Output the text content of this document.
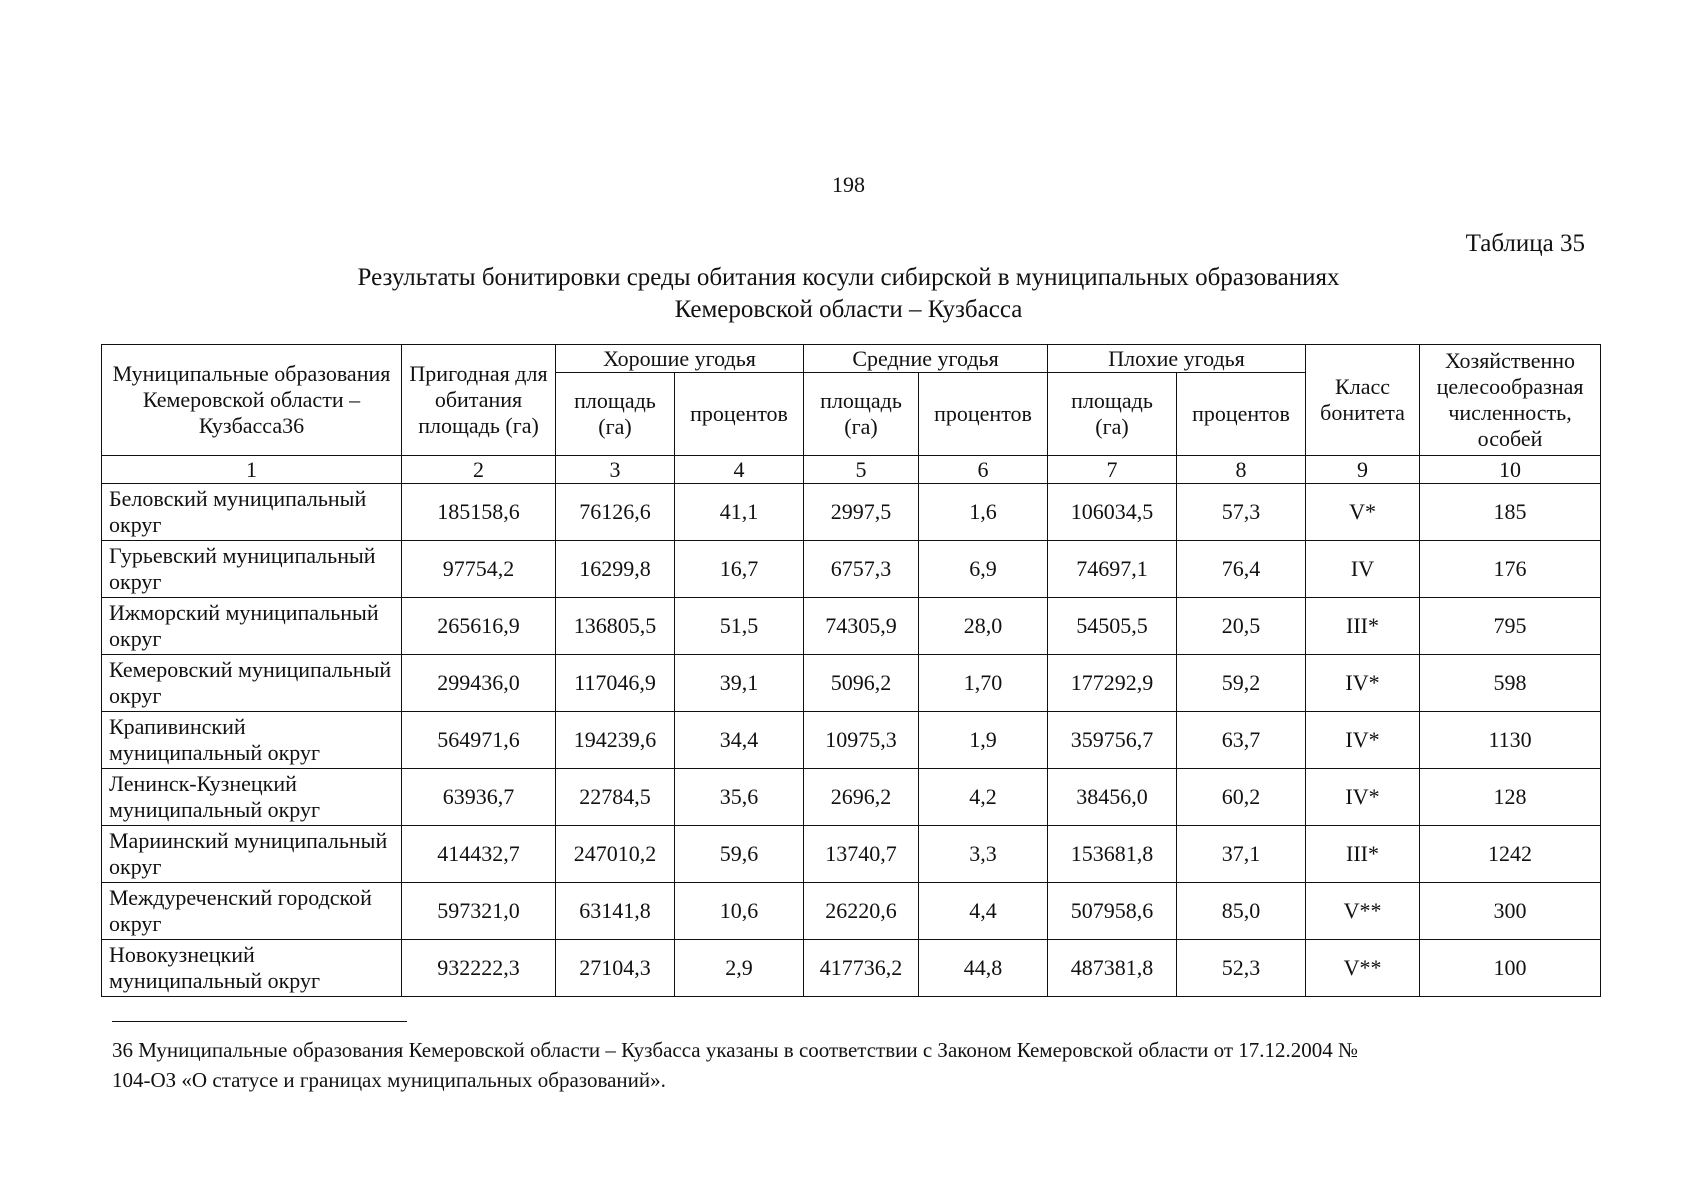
198
Таблица 35
Результаты бонитировки среды обитания косули сибирской в муниципальных образованиях
Кемеровской области – Кузбасса
Муниципальные образования Кемеровской области – Кузбасса36	Пригодная для обитания площадь (га)	Хорошие угодья		Средние угодья		Плохие угодья		Класс бонитета	Хозяйственно целесообразная численность, особей
		площадь (га)	процентов	площадь (га)	процентов	площадь (га)	процентов		
1	2	3	4	5	6	7	8	9	10
Беловский муниципальный округ	185158,6	76126,6	41,1	2997,5	1,6	106034,5	57,3	V*	185
Гурьевский муниципальный округ	97754,2	16299,8	16,7	6757,3	6,9	74697,1	76,4	IV	176
Ижморский муниципальный округ	265616,9	136805,5	51,5	74305,9	28,0	54505,5	20,5	III*	795
Кемеровский муниципальный округ	299436,0	117046,9	39,1	5096,2	1,70	177292,9	59,2	IV*	598
Крапивинский муниципальный округ	564971,6	194239,6	34,4	10975,3	1,9	359756,7	63,7	IV*	1130
Ленинск-Кузнецкий муниципальный округ	63936,7	22784,5	35,6	2696,2	4,2	38456,0	60,2	IV*	128
Мариинский муниципальный округ	414432,7	247010,2	59,6	13740,7	3,3	153681,8	37,1	III*	1242
Междуреченский городской округ	597321,0	63141,8	10,6	26220,6	4,4	507958,6	85,0	V**	300
Новокузнецкий муниципальный округ	932222,3	27104,3	2,9	417736,2	44,8	487381,8	52,3	V**	100
36 Муниципальные образования Кемеровской области – Кузбасса указаны в соответствии с Законом Кемеровской области от 17.12.2004 №
104-ОЗ «О статусе и границах муниципальных образований».
